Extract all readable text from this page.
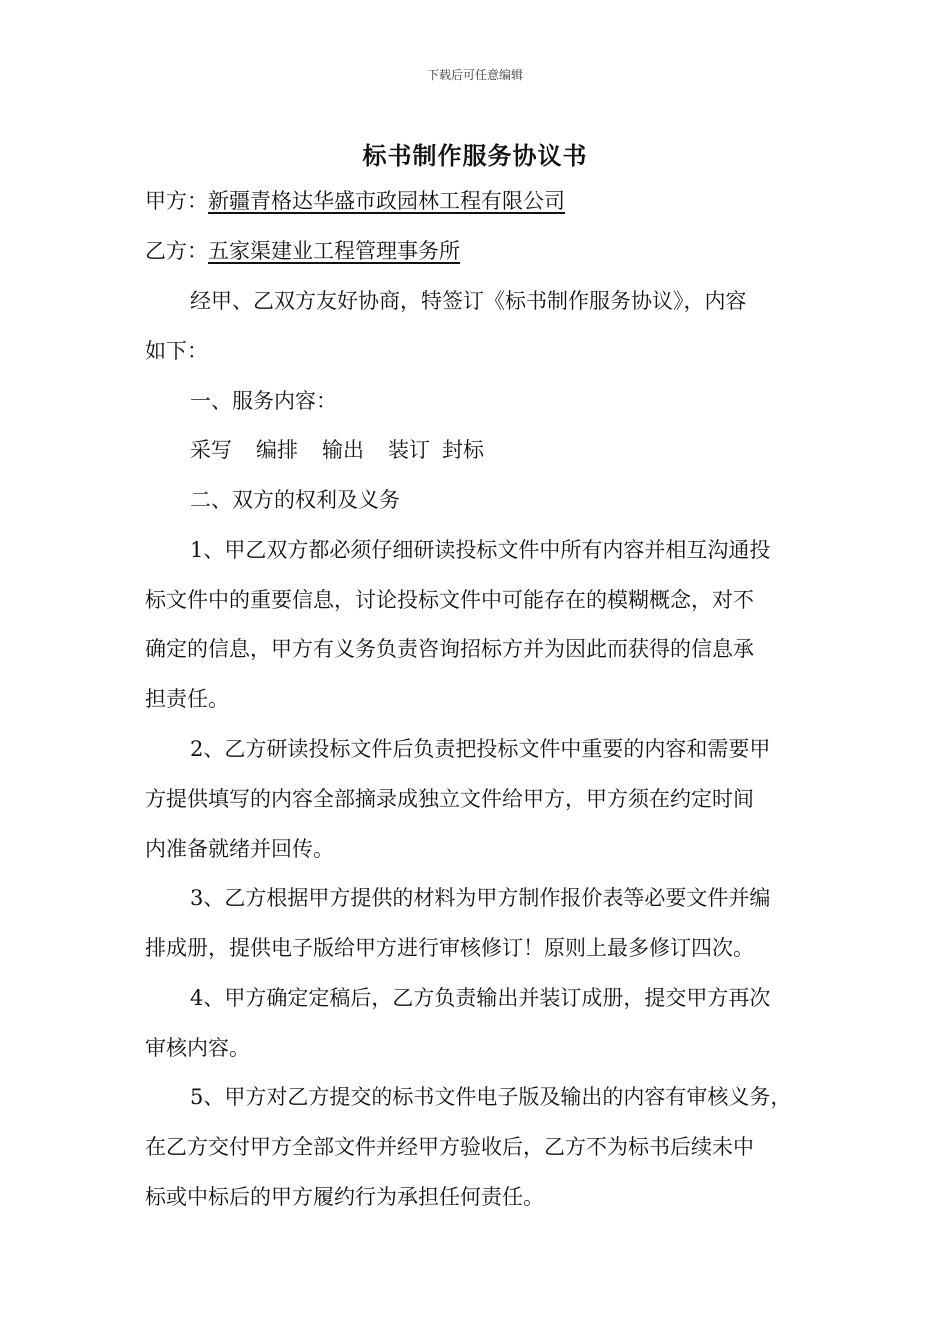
下载后可任意编辑
标书制作服务协议书
甲方：新疆青格达华盛市政园林工程有限公司
乙方：五家渠建业工程管理事务所
经甲、乙双方友好协商，特签订《标书制作服务协议》，内容
如下：
一、服务内容：
采写 编排 输出 装订 封标
二、双方的权利及义务
1、甲乙双方都必须仔细研读投标文件中所有内容并相互沟通投
标文件中的重要信息，讨论投标文件中可能存在的模糊概念，对不
确定的信息，甲方有义务负责咨询招标方并为因此而获得的信息承
担责任。
2、乙方研读投标文件后负责把投标文件中重要的内容和需要甲
方提供填写的内容全部摘录成独立文件给甲方，甲方须在约定时间
内准备就绪并回传。
3、乙方根据甲方提供的材料为甲方制作报价表等必要文件并编
排成册，提供电子版给甲方进行审核修订！原则上最多修订四次。
4、甲方确定定稿后，乙方负责输出并装订成册，提交甲方再次
审核内容。
5、甲方对乙方提交的标书文件电子版及输出的内容有审核义务，
在乙方交付甲方全部文件并经甲方验收后，乙方不为标书后续未中
标或中标后的甲方履约行为承担任何责任。
